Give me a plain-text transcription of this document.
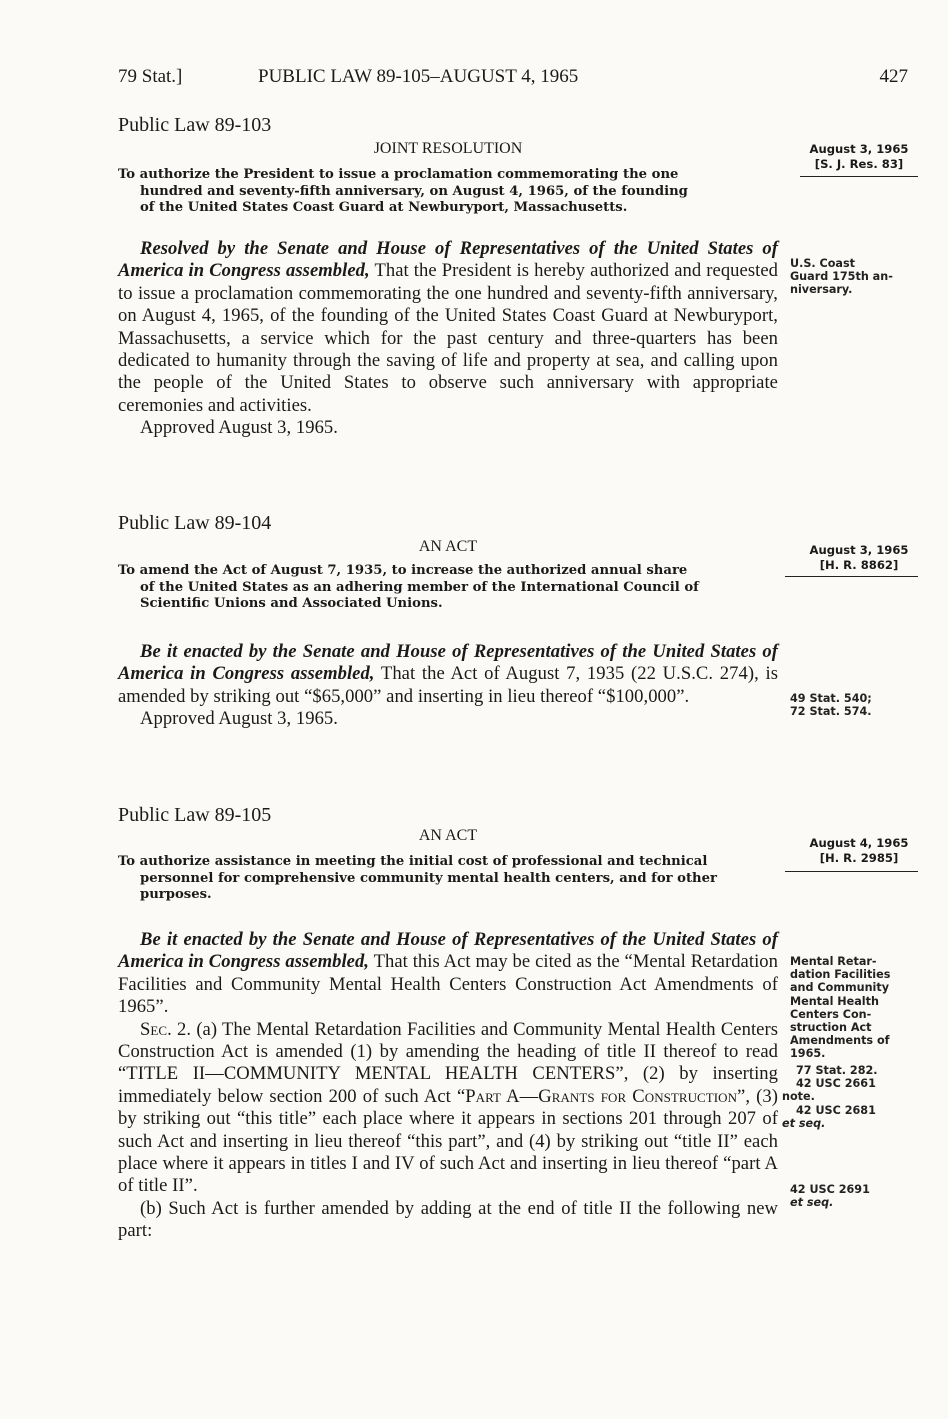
79 Stat.]	PUBLIC LAW 89-105–AUGUST 4, 1965	427
Public Law 89-103
JOINT RESOLUTION	August 3, 1965
[S. J. Res. 83]
To authorize the President to issue a proclamation commemorating the one
hundred and seventy-fifth anniversary, on August 4, 1965, of the founding
of the United States Coast Guard at Newburyport, Massachusetts.

Resolved by the Senate and House of Representatives of the United States of America in Congress assembled, That the President is hereby authorized and requested to issue a proclamation commemorating the one hundred and seventy-fifth anniversary, on August 4, 1965, of the founding of the United States Coast Guard at Newburyport, Massachusetts, a service which for the past century and three-quarters has been dedicated to humanity through the saving of life and property at sea, and calling upon the people of the United States to observe such anniversary with appropriate ceremonies and activities.

Approved August 3, 1965.

U.S. Coast
Guard 175th an-
niversary.
Public Law 89-104
AN ACT	August 3, 1965
[H. R. 8862]
To amend the Act of August 7, 1935, to increase the authorized annual share
of the United States as an adhering member of the International Council of
Scientific Unions and Associated Unions.

Be it enacted by the Senate and House of Representatives of the United States of America in Congress assembled, That the Act of August 7, 1935 (22 U.S.C. 274), is amended by striking out “$65,000” and inserting in lieu thereof “$100,000”.

Approved August 3, 1965.

49 Stat. 540;
72 Stat. 574.
Public Law 89-105
AN ACT	August 4, 1965
[H. R. 2985]
To authorize assistance in meeting the initial cost of professional and technical
personnel for comprehensive community mental health centers, and for other
purposes.

Be it enacted by the Senate and House of Representatives of the United States of America in Congress assembled, That this Act may be cited as the “Mental Retardation Facilities and Community Mental Health Centers Construction Act Amendments of 1965”.

Sec. 2. (a) The Mental Retardation Facilities and Community Mental Health Centers Construction Act is amended (1) by amending the heading of title II thereof to read “TITLE II—COMMUNITY MENTAL HEALTH CENTERS”, (2) by inserting immediately below section 200 of such Act “Part A—Grants for Construction”, (3) by striking out “this title” each place where it appears in sections 201 through 207 of such Act and inserting in lieu thereof “this part”, and (4) by striking out “title II” each place where it appears in titles I and IV of such Act and inserting in lieu thereof “part A of title II”.

(b) Such Act is further amended by adding at the end of title II the following new part:

Mental Retar-
dation Facilities
and Community
Mental Health
Centers Con-
struction Act
Amendments of
1965.
77 Stat. 282.
42 USC 2661
note.
42 USC 2681
et seq.
42 USC 2691
et seq.
